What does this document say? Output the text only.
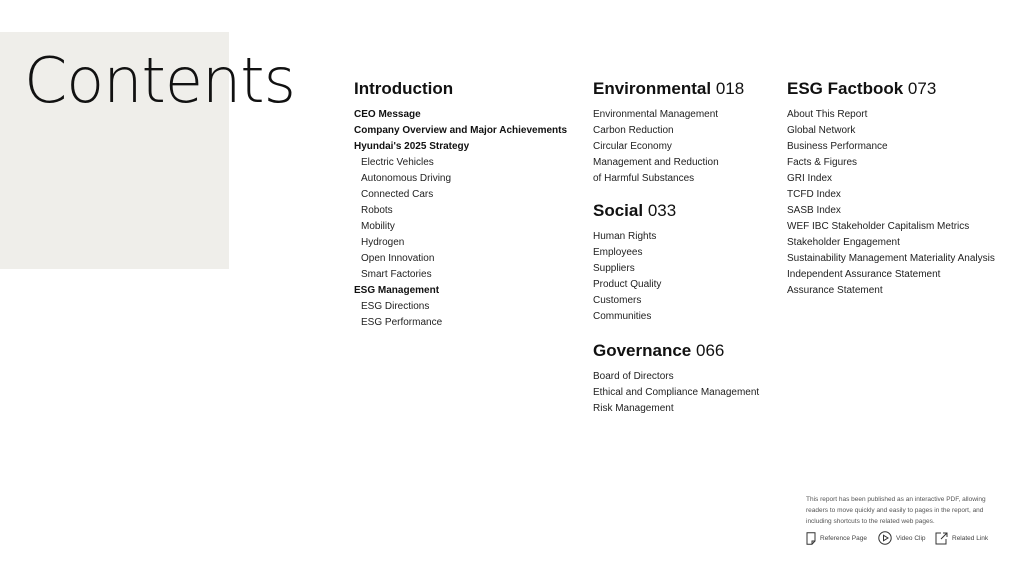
Contents	Introduction
CEO Message
Company Overview and Major Achievements
Hyundai's 2025 Strategy
Electric Vehicles
Autonomous Driving
Connected Cars
Robots
Mobility
Hydrogen
Open Innovation
Smart Factories
ESG Management
ESG Directions
ESG Performance
Environmental 018
Environmental Management
Carbon Reduction
Circular Economy
Management and Reduction
of Harmful Substances
Social 033
Human Rights
Employees
Suppliers
Product Quality
Customers
Communities
Governance 066
Board of Directors
Ethical and Compliance Management
Risk Management
ESG Factbook 073
About This Report
Global Network
Business Performance
Facts & Figures
GRI Index
TCFD Index
SASB Index
WEF IBC Stakeholder Capitalism Metrics
Stakeholder Engagement
Sustainability Management Materiality Analysis
Independent Assurance Statement
Assurance Statement
This report has been published as an interactive PDF, allowing readers to move quickly and easily to pages in the report, and including shortcuts to the related web pages.
Reference Page	Video Clip	Related Link
